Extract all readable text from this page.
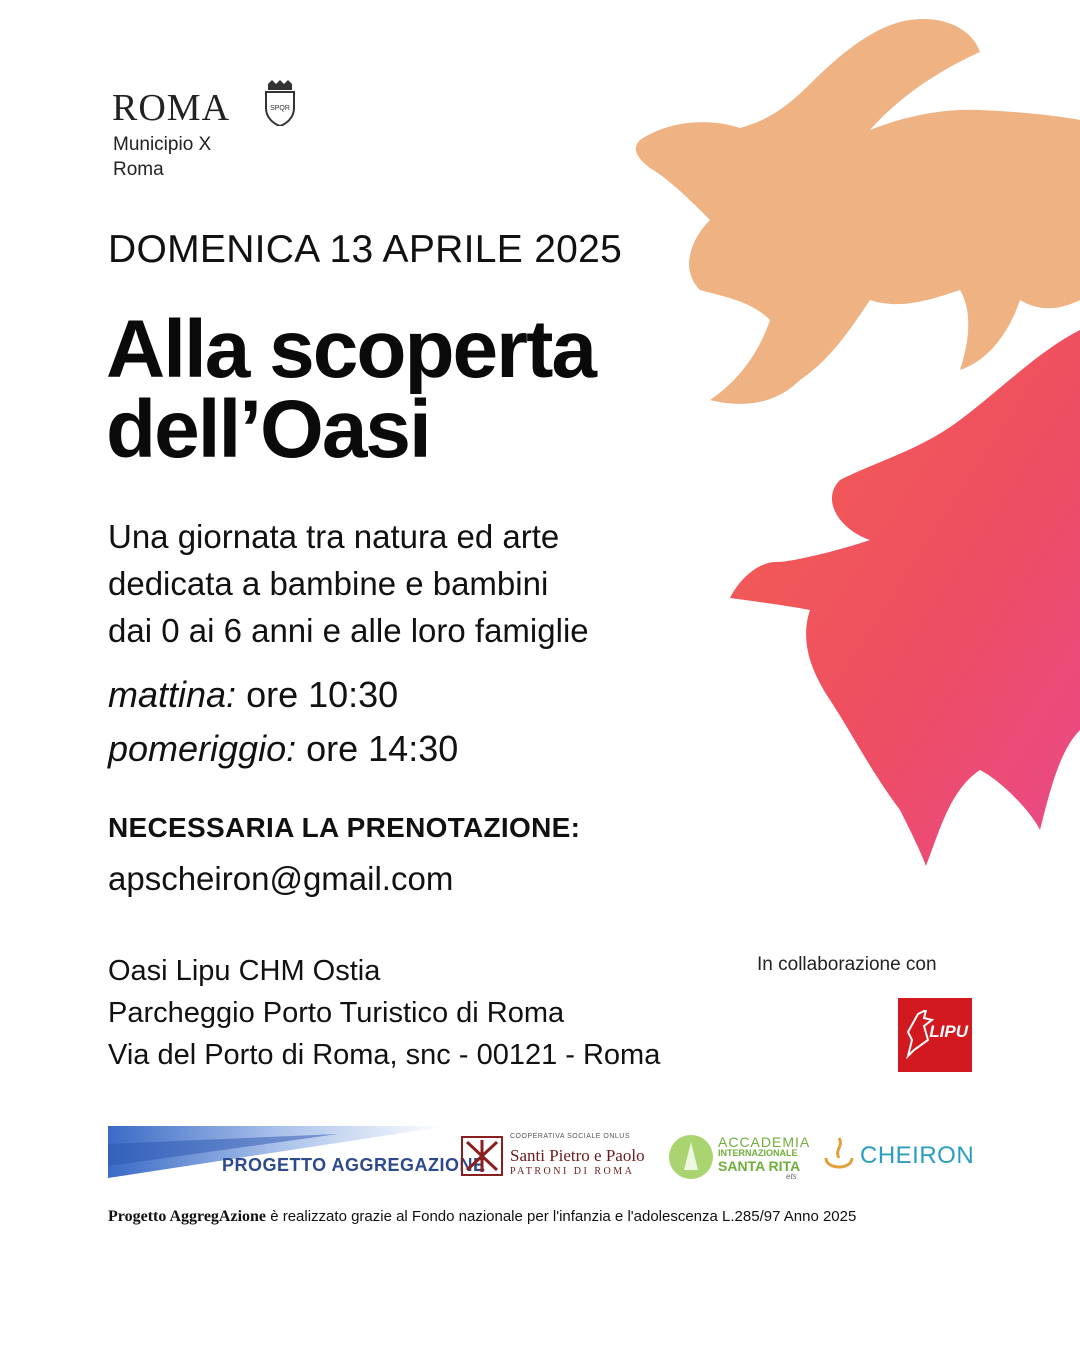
ROMA	SPQR
Municipio X
Roma
DOMENICA 13 APRILE 2025
Alla scoperta
dell’Oasi
Una giornata tra natura ed arte
dedicata a bambine e bambini
dai 0 ai 6 anni e alle loro famiglie
mattina: ore 10:30
pomeriggio: ore 14:30
NECESSARIA LA PRENOTAZIONE:
apscheiron@gmail.com
Oasi Lipu CHM Ostia
Parcheggio Porto Turistico di Roma
Via del Porto di Roma, snc - 00121 - Roma
In collaborazione con
LIPU
PROGETTO AGGREGAZIONE
COOPERATIVA SOCIALE ONLUS
Santi Pietro e Paolo
PATRONI DI ROMA
ACCADEMIA
INTERNAZIONALE
SANTA RITA
ets
CHEIRON
Progetto AggregAzione è realizzato grazie al Fondo nazionale per l'infanzia e l'adolescenza L.285/97 Anno 2025
